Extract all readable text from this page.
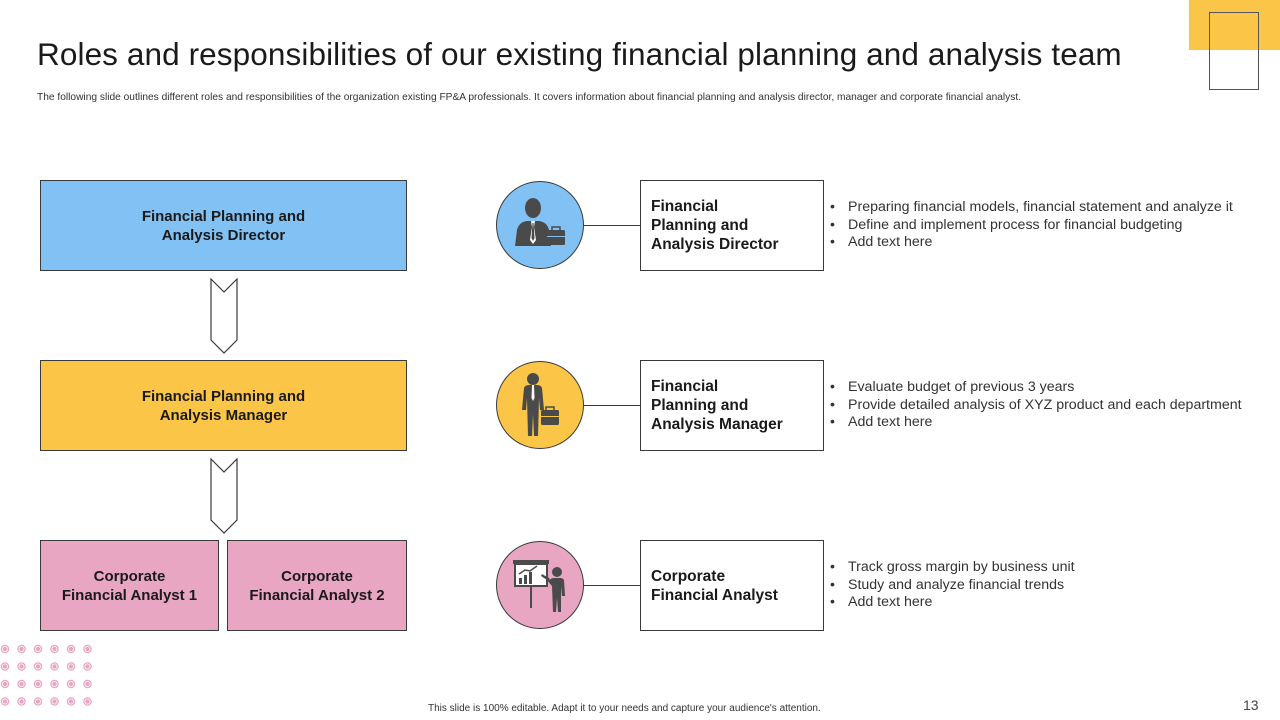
Roles and responsibilities of our existing financial planning and analysis team
The following slide outlines different roles and responsibilities of the organization existing FP&A professionals. It covers information about financial planning and analysis director, manager and corporate financial analyst.
Financial Planning and
Analysis Director
Financial Planning and
Analysis Manager
Corporate
Financial Analyst 1
Corporate
Financial Analyst 2
Financial
Planning and
Analysis Director
• Preparing financial models, financial statement and analyze it
• Define and implement process for financial budgeting
• Add text here
Financial
Planning and
Analysis Manager
• Evaluate budget of previous 3 years
• Provide detailed analysis of XYZ product and each department
• Add text here
Corporate
Financial Analyst
• Track gross margin by business unit
• Study and analyze financial trends
• Add text here
This slide is 100% editable. Adapt it to your needs and capture your audience's attention.	13
